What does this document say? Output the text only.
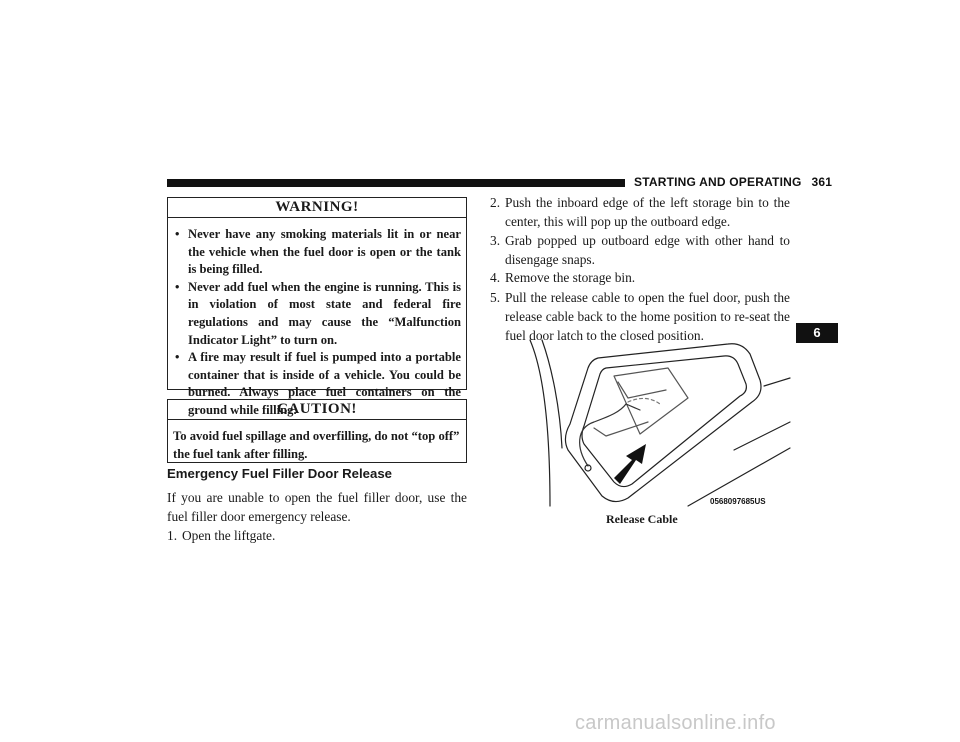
STARTING AND OPERATING 361
WARNING!
• Never have any smoking materials lit in or near the vehicle when the fuel door is open or the tank is being filled.
• Never add fuel when the engine is running. This is in violation of most state and federal fire regulations and may cause the “Malfunction Indicator Light” to turn on.
• A fire may result if fuel is pumped into a portable container that is inside of a vehicle. You could be burned. Always place fuel containers on the ground while filling.
CAUTION!

To avoid fuel spillage and overfilling, do not “top off” the fuel tank after filling.

Emergency Fuel Filler Door Release

If you are unable to open the fuel filler door, use the fuel filler door emergency release.

1. Open the liftgate.
2. Push the inboard edge of the left storage bin to the center, this will pop up the outboard edge.
3. Grab popped up outboard edge with other hand to disengage snaps.
4. Remove the storage bin.
5. Pull the release cable to open the fuel door, push the release cable back to the home position to re-seat the fuel door latch to the closed position.	6
0568097685US
Release Cable
carmanualsonline.info
